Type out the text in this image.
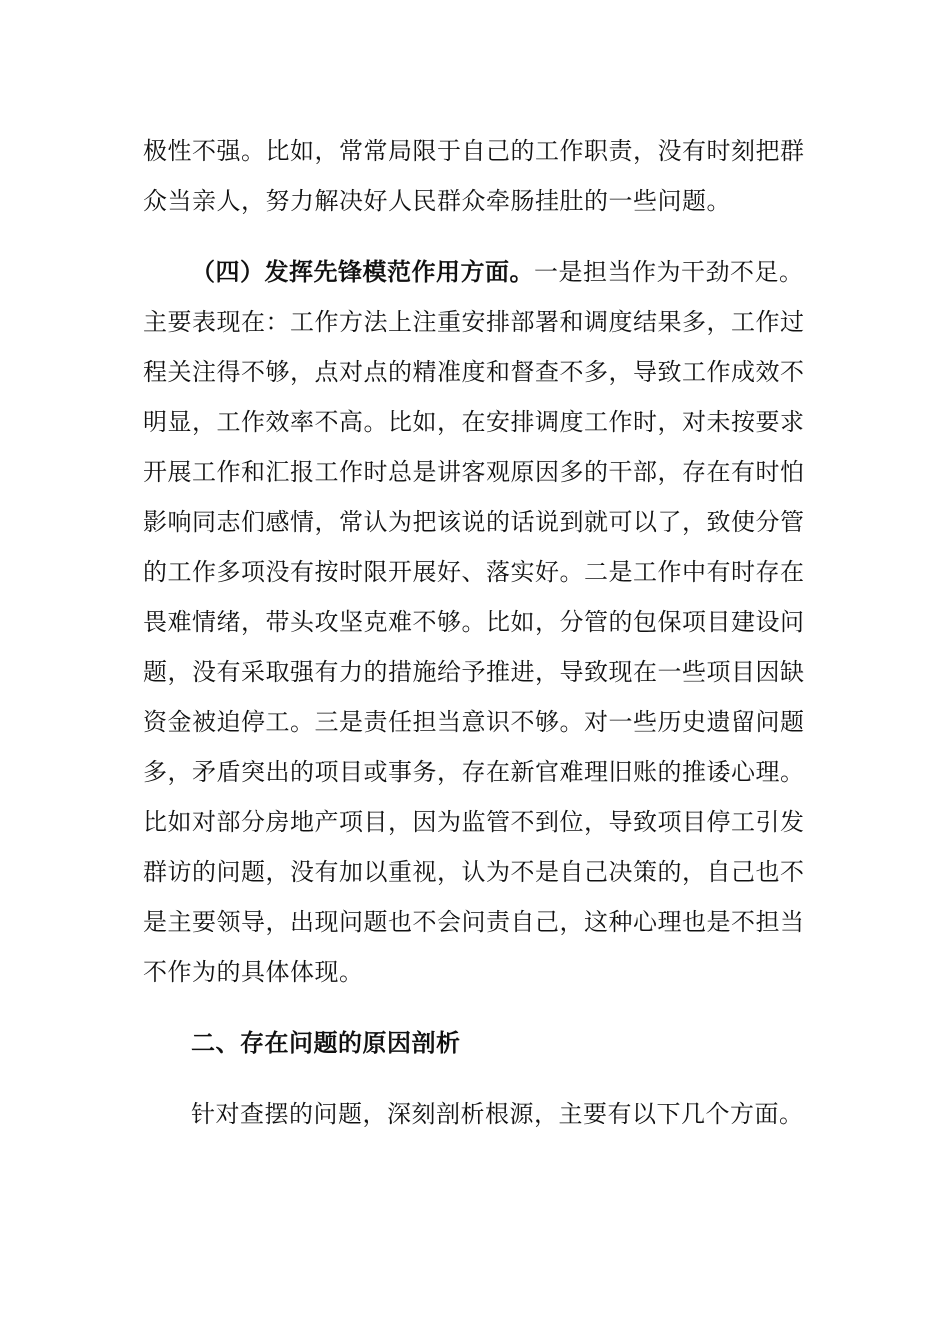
极性不强。比如，常常局限于自己的工作职责，没有时刻把群
众当亲人，努力解决好人民群众牵肠挂肚的一些问题。
（四）发挥先锋模范作用方面。一是担当作为干劲不足。
主要表现在：工作方法上注重安排部署和调度结果多，工作过
程关注得不够，点对点的精准度和督查不多，导致工作成效不
明显，工作效率不高。比如，在安排调度工作时，对未按要求
开展工作和汇报工作时总是讲客观原因多的干部，存在有时怕
影响同志们感情，常认为把该说的话说到就可以了，致使分管
的工作多项没有按时限开展好、落实好。二是工作中有时存在
畏难情绪，带头攻坚克难不够。比如，分管的包保项目建设问
题，没有采取强有力的措施给予推进，导致现在一些项目因缺
资金被迫停工。三是责任担当意识不够。对一些历史遗留问题
多，矛盾突出的项目或事务，存在新官难理旧账的推诿心理。
比如对部分房地产项目，因为监管不到位，导致项目停工引发
群访的问题，没有加以重视，认为不是自己决策的，自己也不
是主要领导，出现问题也不会问责自己，这种心理也是不担当
不作为的具体体现。
二、存在问题的原因剖析
针对查摆的问题，深刻剖析根源，主要有以下几个方面。
